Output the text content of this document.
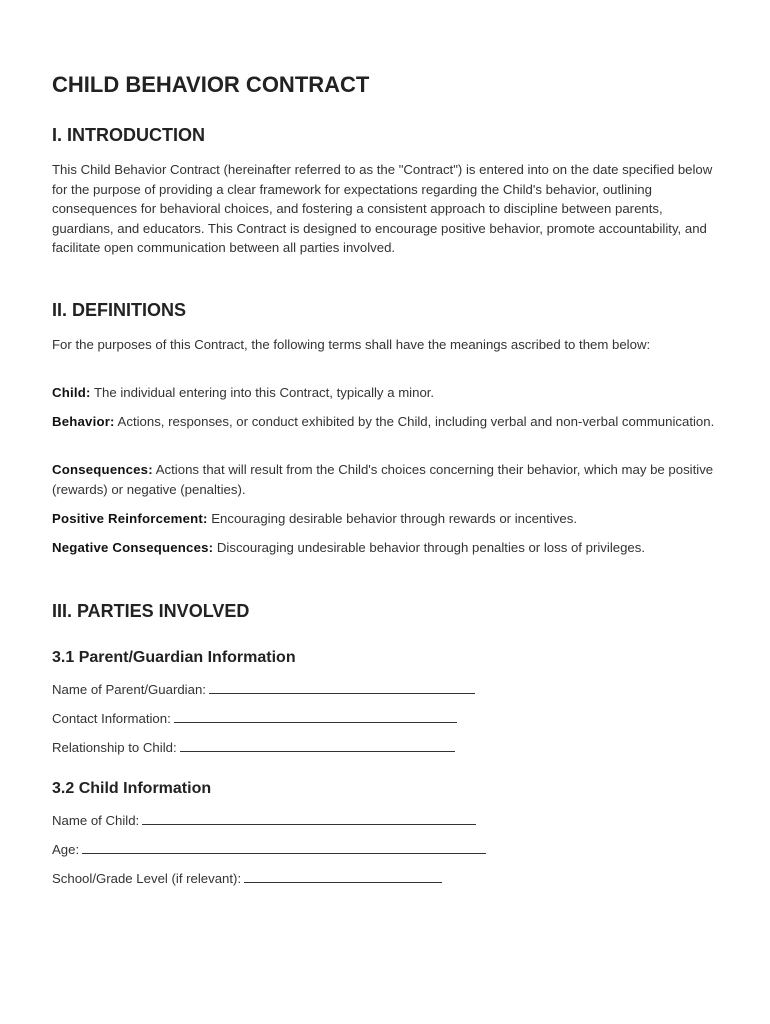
CHILD BEHAVIOR CONTRACT
I. INTRODUCTION

This Child Behavior Contract (hereinafter referred to as the "Contract") is entered into on the date specified below for the purpose of providing a clear framework for expectations regarding the Child's behavior, outlining consequences for behavioral choices, and fostering a consistent approach to discipline between parents, guardians, and educators. This Contract is designed to encourage positive behavior, promote accountability, and facilitate open communication between all parties involved.

II. DEFINITIONS

For the purposes of this Contract, the following terms shall have the meanings ascribed to them below:

Child: The individual entering into this Contract, typically a minor.

Behavior: Actions, responses, or conduct exhibited by the Child, including verbal and non-verbal communication.

Consequences: Actions that will result from the Child's choices concerning their behavior, which may be positive (rewards) or negative (penalties).

Positive Reinforcement: Encouraging desirable behavior through rewards or incentives.

Negative Consequences: Discouraging undesirable behavior through penalties or loss of privileges.

III. PARTIES INVOLVED
3.1 Parent/Guardian Information

Name of Parent/Guardian:

Contact Information:

Relationship to Child:

3.2 Child Information

Name of Child:

Age:

School/Grade Level (if relevant):
